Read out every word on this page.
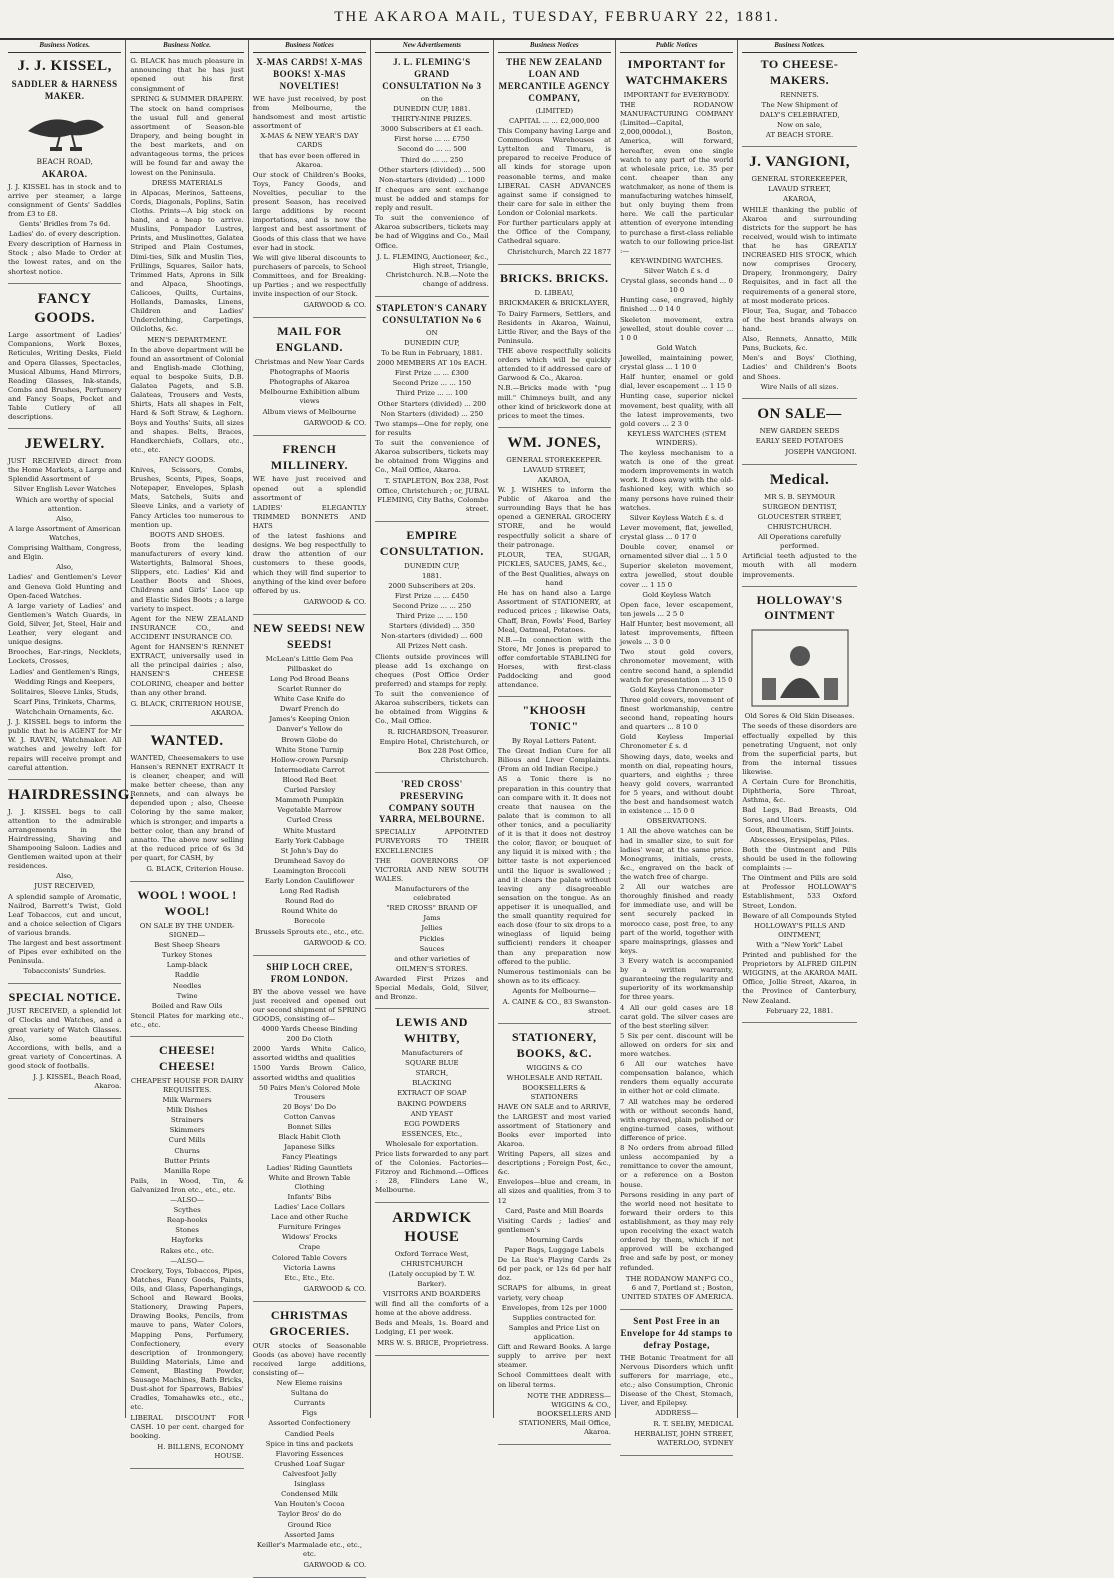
THE AKAROA MAIL, TUESDAY, FEBRUARY 22, 1881.
Business Notices.
J. J. KISSEL,
SADDLER & HARNESS MAKER.
BEACH ROAD,
AKAROA.

J. J. KISSEL has in stock and to arrive per steamer, a large consignment of Gents' Saddles from £3 to £8.

Gents' Bridles from 7s 6d.

Ladies' do. of every description.

Every description of Harness in Stock ; also Made to Order at the lowest rates, and on the shortest notice.

FANCY GOODS.

Large assortment of Ladies' Companions, Work Boxes, Reticules, Writing Desks, Field and Opera Glasses, Spectacles, Musical Albums, Hand Mirrors, Reading Glasses, Ink-stands, Combs and Brushes, Perfumery and Fancy Soaps, Pocket and Table Cutlery of all descriptions.

JEWELRY.

JUST RECEIVED direct from the Home Markets, a Large and Splendid Assortment of

Silver English Lever Watches

Which are worthy of special attention.

Also,

A large Assortment of American Watches,

Comprising Waltham, Congress, and Elgin.

Also,

Ladies' and Gentlemen's Lever and Geneva Gold Hunting and Open-faced Watches.

A large variety of Ladies' and Gentlemen's Watch Guards, in Gold, Silver, Jet, Steel, Hair and Leather, very elegant and unique designs.

Brooches, Ear-rings, Necklets, Lockets, Crosses,

Ladies' and Gentlemen's Rings,

Wedding Rings and Keepers,

Solitaires, Sleeve Links, Studs,

Scarf Pins, Trinkets, Charms,

Watchchain Ornaments, &c.

J. J. KISSEL begs to inform the public that he is AGENT for Mr W. J. RAVEN, Watchmaker. All watches and jewelry left for repairs will receive prompt and careful attention.

HAIRDRESSING.

J. J. KISSEL begs to call attention to the admirable arrangements in the Hairdressing, Shaving and Shampooing Saloon. Ladies and Gentlemen waited upon at their residences.

Also,

JUST RECEIVED,

A splendid sample of Aromatic, Nailrod, Barrett's Twist, Gold Leaf Tobaccos, cut and uncut, and a choice selection of Cigars of various brands.

The largest and best assortment of Pipes ever exhibited on the Peninsula.

Tobacconists' Sundries.

SPECIAL NOTICE.

JUST RECEIVED, a splendid lot of Clocks and Watches, and a great variety of Watch Glasses. Also, some beautiful Accordions, with bells, and a great variety of Concertinas. A good stock of footballs.

J. J. KISSEL, Beach Road, Akaroa.
Business Notice.

G. BLACK has much pleasure in announcing that he has just opened out his first consignment of

SPRING & SUMMER DRAPERY.

The stock on hand comprises the usual full and general assortment of Season-ble Drapery, and being bought in the best markets, and on advantageous terms, the prices will be found far and away the lowest on the Peninsula.

DRESS MATERIALS

in Alpacas, Merinos, Satteens, Cords, Diagonals, Poplins, Satin Cloths. Prints—A big stock on hand, and a heap to arrive. Muslins, Pompador Lustres, Prints, and Muslinettes, Galatea Striped and Plain Costumes, Dimi-ties, Silk and Muslin Ties, Frillings, Squares, Sailor hats, Trimmed Hats, Aprons in Silk and Alpaca, Shootings, Calicoes, Quilts, Curtains, Hollands, Damasks, Linens, Children and Ladies' Underclothing, Carpetings, Oilcloths, &c.

MEN'S DEPARTMENT.

In the above department will be found an assortment of Colonial and English-made Clothing, equal to bespoke Suits, D.B. Galatea Pagets, and S.B. Galateas, Trousers and Vests, Shirts, Hats all shapes in Felt, Hard & Soft Straw, & Leghorn. Boys and Youths' Suits, all sizes and shapes. Belts, Braces, Handkerchiefs, Collars, etc., etc., etc.

FANCY GOODS.

Knives, Scissors, Combs, Brushes, Scents, Pipes, Soaps, Notepaper, Envelopes, Splash Mats, Satchels, Suits and Sleeve Links, and a variety of Fancy Articles too numerous to mention up.

BOOTS AND SHOES.

Boots from the leading manufacturers of every kind. Watertights, Balmoral Shoes, Slippers, etc. Ladies' Kid and Leather Boots and Shoes, Childrens and Girls' Lace up and Elastic Sides Boots ; a large variety to inspect.

Agent for the NEW ZEALAND INSURANCE CO., and ACCIDENT INSURANCE CO.

Agent for HANSEN'S RENNET EXTRACT, universally used in all the principal dairies ; also, HANSEN'S CHEESE COLORING, cheaper and better than any other brand.

G. BLACK, CRITERION HOUSE, AKAROA.
WANTED.

WANTED, Cheesemakers to use Hansen's RENNET EXTRACT It is cleaner, cheaper, and will make better cheese, than any Rennets, and can always be depended upon ; also, Cheese Coloring by the same maker, which is stronger, and imparts a better color, than any brand of annatto. The above now selling at the reduced price of 6s 3d per quart, for CASH, by

G. BLACK, Criterion House.
WOOL ! WOOL ! WOOL!

ON SALE BY THE UNDER-SIGNED—

Best Sheep Shears

Turkey Stones

Lamp-black

Raddle

Needles

Twine

Boiled and Raw Oils

Stencil Plates for marking etc., etc., etc.

CHEESE! CHEESE!

CHEAPEST HOUSE FOR DAIRY REQUISITES.

Milk Warmers

Milk Dishes

Strainers

Skimmers

Curd Mills

Churns

Butter Prints

Manilla Rope

Pails, in Wood, Tin, & Galvanized Iron etc., etc., etc.

—ALSO—

Scythes

Reap-hooks

Stones

Hayforks

Rakes etc., etc.

—ALSO—

Crockery, Toys, Tobaccos, Pipes, Matches, Fancy Goods, Paints, Oils, and Glass, Paperhangings, School and Reward Books, Stationery, Drawing Papers, Drawing Books, Pencils, from mauve to pans, Water Colors, Mapping Pens, Perfumery, Confectionery, every description of Ironmongery, Building Materials, Lime and Cement, Blasting Powder, Sausage Machines, Bath Bricks, Dust-shot for Sparrows, Babies' Cradles, Tomahawks etc., etc., etc.

LIBERAL DISCOUNT FOR CASH. 10 per cent. charged for booking.

H. BILLENS, ECONOMY HOUSE.
Business Notices
X-MAS CARDS! X-MAS BOOKS! X-MAS NOVELTIES!

WE have just received, by post from Melbourne, the handsomest and most artistic assortment of

X-MAS & NEW YEAR'S DAY CARDS

that has ever been offered in Akaroa.

Our stock of Children's Books, Toys, Fancy Goods, and Novelties, peculiar to the present Season, has received large additions by recent importations, and is now the largest and best assortment of Goods of this class that we have ever had in stock.

We will give liberal discounts to purchasers of parcels, to School Committees, and for Breaking-up Parties ; and we respectfully invite inspection of our Stock.

GARWOOD & CO.
MAIL FOR ENGLAND.

Christmas and New Year Cards

Photographs of Maoris

Photographs of Akaroa

Melbourne Exhibition album views

Album views of Melbourne

GARWOOD & CO.
FRENCH MILLINERY.

WE have just received and opened out a splendid assortment of

LADIES' ELEGANTLY TRIMMED BONNETS AND HATS

of the latest fashions and designs. We beg respectfully to draw the attention of our customers to these goods, which they will find superior to anything of the kind ever before offered by us.

GARWOOD & CO.
NEW SEEDS! NEW SEEDS!

McLean's Little Gem Pea

Pillbasket do

Long Pod Broad Beans

Scarlet Runner do

White Case Knife do

Dwarf French do

James's Keeping Onion

Danver's Yellow do

Brown Globe do

White Stone Turnip

Hollow-crown Parsnip

Intermediate Carrot

Blood Red Beet

Curled Parsley

Mammoth Pumpkin

Vegetable Marrow

Curled Cress

White Mustard

Early York Cabbage

St John's Day do

Drumhead Savoy do

Leamington Broccoli

Early London Cauliflower

Long Red Radish

Round Red do

Round White do

Borecole

Brussels Sprouts etc., etc., etc.

GARWOOD & CO.
SHIP LOCH CREE, FROM LONDON.

BY the above vessel we have just received and opened out our second shipment of SPRING GOODS, consisting of—

4000 Yards Cheese Binding

200 Do Cloth

2000 Yards White Calico, assorted widths and qualities

1500 Yards Brown Calico, assorted widths and qualities

50 Pairs Men's Colored Mole Trousers

20 Boys' Do Do

Cotton Canvas

Bonnet Silks

Black Habit Cloth

Japanese Silks

Fancy Pleatings

Ladies' Riding Gauntlets

White and Brown Table Clothing

Infants' Bibs

Ladies' Lace Collars

Lace and other Ruche

Furniture Fringes

Widows' Frocks

Crape

Colored Table Covers

Victoria Lawns

Etc., Etc., Etc.

GARWOOD & CO.
CHRISTMAS GROCERIES.

OUR stocks of Seasonable Goods (as above) have recently received large additions, consisting of—

New Eleme raisins

Sultana do

Currants

Figs

Assorted Confectionery

Candied Peels

Spice in tins and packets

Flavoring Essences

Crushed Loaf Sugar

Calvesfoot Jelly

Isinglass

Condensed Milk

Van Houten's Cocoa

Taylor Bros' do do

Ground Rice

Assorted Jams

Keiller's Marmalade etc., etc., etc.

GARWOOD & CO.
New Advertisements
J. L. FLEMING'S GRAND CONSULTATION No 3

on the

DUNEDIN CUP, 1881.

THIRTY-NINE PRIZES.

3000 Subscribers at £1 each.

First horse ... ... £750

Second do ... ... 500

Third do ... ... 250

Other starters (divided) ... 500

Non-starters (divided) ... 1000

If cheques are sent exchange must be added and stamps for reply and result.

To suit the convenience of Akaroa subscribers, tickets may be had of Wiggins and Co., Mail Office.

J. L. FLEMING, Auctioneer, &c., High street, Triangle, Christchurch. N.B.—Note the change of address.
STAPLETON'S CANARY CONSULTATION No 6

ON

DUNEDIN CUP,

To be Run in February, 1881.

2000 MEMBERS AT 10s EACH.

First Prize ... ... £300

Second Prize ... ... 150

Third Prize ... ... 100

Other Starters (divided) ... 200

Non Starters (divided) ... 250

Two stamps—One for reply, one for results

To suit the convenience of Akaroa subscribers, tickets may be obtained from Wiggins and Co., Mail Office, Akaroa.

T. STAPLETON, Box 238, Post Office, Christchurch ; or, JUBAL FLEMING, City Baths, Colombo street.
EMPIRE CONSULTATION.

DUNEDIN CUP,

1881.

2000 Subscribers at 20s.

First Prize ... ... £450

Second Prize ... ... 250

Third Prize ... ... 150

Starters (divided) ... 350

Non-starters (divided) ... 600

All Prizes Nett cash.

Clients outside provinces will please add 1s exchange on cheques (Post Office Order preferred) and stamps for reply.

To suit the convenience of Akaroa subscribers, tickets can be obtained from Wiggins & Co., Mail Office.

R. RICHARDSON, Treasurer. Empire Hotel, Christchurch, or Box 228 Post Office, Christchurch.
'RED CROSS' PRESERVING COMPANY SOUTH YARRA, MELBOURNE.

SPECIALLY APPOINTED PURVEYORS TO THEIR EXCELLENCIES

THE GOVERNORS OF VICTORIA AND NEW SOUTH WALES.

Manufacturers of the celebrated

"RED CROSS" BRAND OF

Jams

Jellies

Pickles

Sauces

and other varieties of

OILMEN'S STORES.

Awarded First Prizes and Special Medals, Gold, Silver, and Bronze.

LEWIS AND WHITBY,

Manufacturers of

SQUARE BLUE

STARCH,

BLACKING

EXTRACT OF SOAP

BAKING POWDERS

AND YEAST

EGG POWDERS

ESSENCES, Etc.,

Wholesale for exportation.

Price lists forwarded to any part of the Colonies. Factories—Fitzroy and Richmond.—Offices : 28, Flinders Lane W., Melbourne.

ARDWICK HOUSE

Oxford Terrace West,

CHRISTCHURCH

(Lately occupied by T. W. Barker).

VISITORS AND BOARDERS

will find all the comforts of a home at the above address.

Beds and Meals, 1s. Board and Lodging, £1 per week.

MRS W. S. BRICE, Proprietress.
Business Notices
THE NEW ZEALAND LOAN AND MERCANTILE AGENCY COMPANY,

(LIMITED)

CAPITAL ... ... £2,000,000

This Company having Large and Commodious Warehouses at Lyttelton and Timaru, is prepared to receive Produce of all kinds for storage upon reasonable terms, and make LIBERAL CASH ADVANCES against same if consigned to their care for sale in either the London or Colonial markets.

For further particulars apply at the Office of the Company, Cathedral square.

Christchurch, March 22 1877
BRICKS. BRICKS.

D. LIBEAU,

BRICKMAKER & BRICKLAYER,

To Dairy Farmers, Settlers, and Residents in Akaroa, Wainui, Little River, and the Bays of the Peninsula.

THE above respectfully solicits orders which will be quickly attended to if addressed care of Garwood & Co., Akaroa.

N.B.—Bricks made with "pug mill." Chimneys built, and any other kind of brickwork done at prices to meet the times.

WM. JONES,

GENERAL STOREKEEPER.

LAVAUD STREET,

AKAROA,

W. J. WISHES to inform the Public of Akaroa and the surrounding Bays that he has opened a GENERAL GROCERY STORE, and he would respectfully solicit a share of their patronage.

FLOUR, TEA, SUGAR, PICKLES, SAUCES, JAMS, &c.,

of the Best Qualities, always on hand

He has on hand also a Large Assortment of STATIONERY, at reduced prices ; likewise Oats, Chaff, Bran, Fowls' Feed, Barley Meal, Oatmeal, Potatoes.

N.B.—In connection with the Store, Mr Jones is prepared to offer comfortable STABLING for Horses, with first-class Paddocking and good attendance.

"KHOOSH TONIC"

By Royal Letters Patent.

The Great Indian Cure for all Bilious and Liver Complaints. (From an old Indian Recipe.)

AS a Tonic there is no preparation in this country that can compare with it. It does not create that nausea on the palate that is common to all other tonics, and a peculiarity of it is that it does not destroy the color, flavor, or bouquet of any liquid it is mixed with ; the bitter taste is not experienced until the liquor is swallowed ; and it clears the palate without leaving any disagreeable sensation on the tongue. As an appetiser it is unequalled, and the small quantity required for each dose (four to six drops to a wineglass of liquid being sufficient) renders it cheaper than any preparation now offered to the public.

Numerous testimonials can be shown as to its efficacy.

Agents for Melbourne—

A. CAINE & CO., 83 Swanston-street.
STATIONERY, BOOKS, &C.

WIGGINS & CO

WHOLESALE AND RETAIL

BOOKSELLERS & STATIONERS

HAVE ON SALE and to ARRIVE, the LARGEST and most varied assortment of Stationery and Books ever imported into Akaroa.

Writing Papers, all sizes and descriptions ; Foreign Post, &c., &c.

Envelopes—blue and cream, in all sizes and qualities, from 3 to 12

Card, Paste and Mill Boards

Visiting Cards ; ladies' and gentlemen's

Mourning Cards

Paper Bags, Luggage Labels

De La Rue's Playing Cards 2s 6d per pack, or 12s 6d per half doz.

SCRAPS for albums, in great variety, very cheap

Envelopes, from 12s per 1000

Supplies contracted for.

Samples and Price List on application.

Gift and Reward Books. A large supply to arrive per next steamer.

School Committees dealt with on liberal terms.

NOTE THE ADDRESS— WIGGINS & CO., BOOKSELLERS AND STATIONERS, Mail Office, Akaroa.
Public Notices
IMPORTANT for WATCHMAKERS

IMPORTANT for EVERYBODY.

THE RODANOW MANUFACTURING COMPANY (Limited—Capital, 2,000,000dol.), Boston, America, will forward, hereafter, even one single watch to any part of the world at wholesale price, i.e. 35 per cent. cheaper than any watchmaker, as none of them is manufacturing watches himself, but only buying them from here. We call the particular attention of everyone intending to purchase a first-class reliable watch to our following price-list :—

KEY-WINDING WATCHES.

Silver Watch £ s. d

Crystal glass, seconds hand ... 0 10 0

Hunting case, engraved, highly finished ... 0 14 0

Skeleton movement, extra jewelled, stout double cover ... 1 0 0

Gold Watch

Jewelled, maintaining power, crystal glass ... 1 10 0

Half hunter, enamel or gold dial, lever escapement ... 1 15 0

Hunting case, superior nickel movement, best quality, with all the latest improvements, two gold covers ... 2 3 0

KEYLESS WATCHES (STEM WINDERS).

The keyless mechanism to a watch is one of the great modern improvements in watch work. It does away with the old-fashioned key, with which so many persons have ruined their watches.

Silver Keyless Watch £ s. d

Lever movement, flat, jewelled, crystal glass ... 0 17 0

Double cover, enamel or ornamented silver dial ... 1 5 0

Superior skeleton movement, extra jewelled, stout double cover ... 1 15 0

Gold Keyless Watch

Open face, lever escapement, ten jewels ... 2 5 0

Half Hunter, best movement, all latest improvements, fifteen jewels ... 3 0 0

Two stout gold covers, chronometer movement, with centre second hand, a splendid watch for presentation ... 3 15 0

Gold Keyless Chronometer

Three gold covers, movement of finest workmanship, centre second hand, repeating hours and quarters ... 8 10 0

Gold Keyless Imperial Chronometer £ s. d

Showing days, date, weeks and month on dial, repeating hours, quarters, and eighths ; three heavy gold covers, warranted for 5 years, and without doubt the best and handsomest watch in existence ... 15 0 0

OBSERVATIONS.

1 All the above watches can be had in smaller size, to suit for ladies' wear, at the same price. Monograms, initials, crests, &c., engraved on the back of the watch free of charge.

2 All our watches are thoroughly finished and ready for immediate use, and will be sent securely packed in morocco case, post free, to any part of the world, together with spare mainsprings, glasses and keys.

3 Every watch is accompanied by a written warranty, guaranteeing the regularity and superiority of its workmanship for three years.

4 All our gold cases are 18 carat gold. The silver cases are of the best sterling silver.

5 Six per cent. discount will be allowed on orders for six and more watches.

6 All our watches have compensation balance, which renders them equally accurate in either hot or cold climate.

7 All watches may be ordered with or without seconds hand, with engraved, plain polished or engine-turned cases, without difference of price.

8 No orders from abroad filled unless accompanied by a remittance to cover the amount, or a reference on a Boston house.

Persons residing in any part of the world need not hesitate to forward their orders to this establishment, as they may rely upon receiving the exact watch ordered by them, which if not approved will be exchanged free and safe by post, or money refunded.

THE RODANOW MANF'G CO., 6 and 7, Portland st ; Boston, UNITED STATES OF AMERICA.
Sent Post Free in an Envelope for 4d stamps to defray Postage,

THE Botanic Treatment for all Nervous Disorders which unfit sufferers for marriage, etc., etc.; also Consumption, Chronic Disease of the Chest, Stomach, Liver, and Epilepsy.

ADDRESS—

R. T. SELBY, MEDICAL HERBALIST, JOHN STREET, WATERLOO, SYDNEY
Business Notices.
TO CHEESE-MAKERS.

RENNETS.

The New Shipment of

DALY'S CELEBRATED,

Now on sale,

AT BEACH STORE.

J. VANGIONI,

GENERAL STOREKEEPER,

LAVAUD STREET,

AKAROA,

WHILE thanking the public of Akaroa and surrounding districts for the support he has received, would wish to intimate that he has GREATLY INCREASED HIS STOCK, which now comprises Grocery, Drapery, Ironmongery, Dairy Requisites, and in fact all the requirements of a general store, at most moderate prices.

Flour, Tea, Sugar, and Tobacco of the best brands always on hand.

Also, Rennets, Annatto, Milk Pans, Buckets, &c.

Men's and Boys' Clothing, Ladies' and Children's Boots and Shoes.

Wire Nails of all sizes.

ON SALE—

NEW GARDEN SEEDS

EARLY SEED POTATOES

JOSEPH VANGIONI.
Medical.

MR S. B. SEYMOUR

SURGEON DENTIST,

GLOUCESTER STREET,

CHRISTCHURCH.

All Operations carefully performed.

Artificial teeth adjusted to the mouth with all modern improvements.

HOLLOWAY'S OINTMENT

Old Sores & Old Skin Diseases.

The seeds of these disorders are effectually expelled by this penetrating Unguent, not only from the superficial parts, but from the internal tissues likewise.

A Certain Cure for Bronchitis, Diphtheria, Sore Throat, Asthma, &c.

Bad Legs, Bad Breasts, Old Sores, and Ulcers.

Gout, Rheumatism, Stiff Joints.

Abscesses, Erysipelas, Piles.

Both the Ointment and Pills should be used in the following complaints :—

The Ointment and Pills are sold at Professor HOLLOWAY'S Establishment, 533 Oxford Street, London.

Beware of all Compounds Styled

HOLLOWAY'S PILLS AND OINTMENT,

With a "New York" Label

Printed and published for the Proprietors by ALFRED GILPIN WIGGINS, at the AKAROA MAIL Office, Jollie Street, Akaroa, in the Province of Canterbury, New Zealand.

February 22, 1881.
